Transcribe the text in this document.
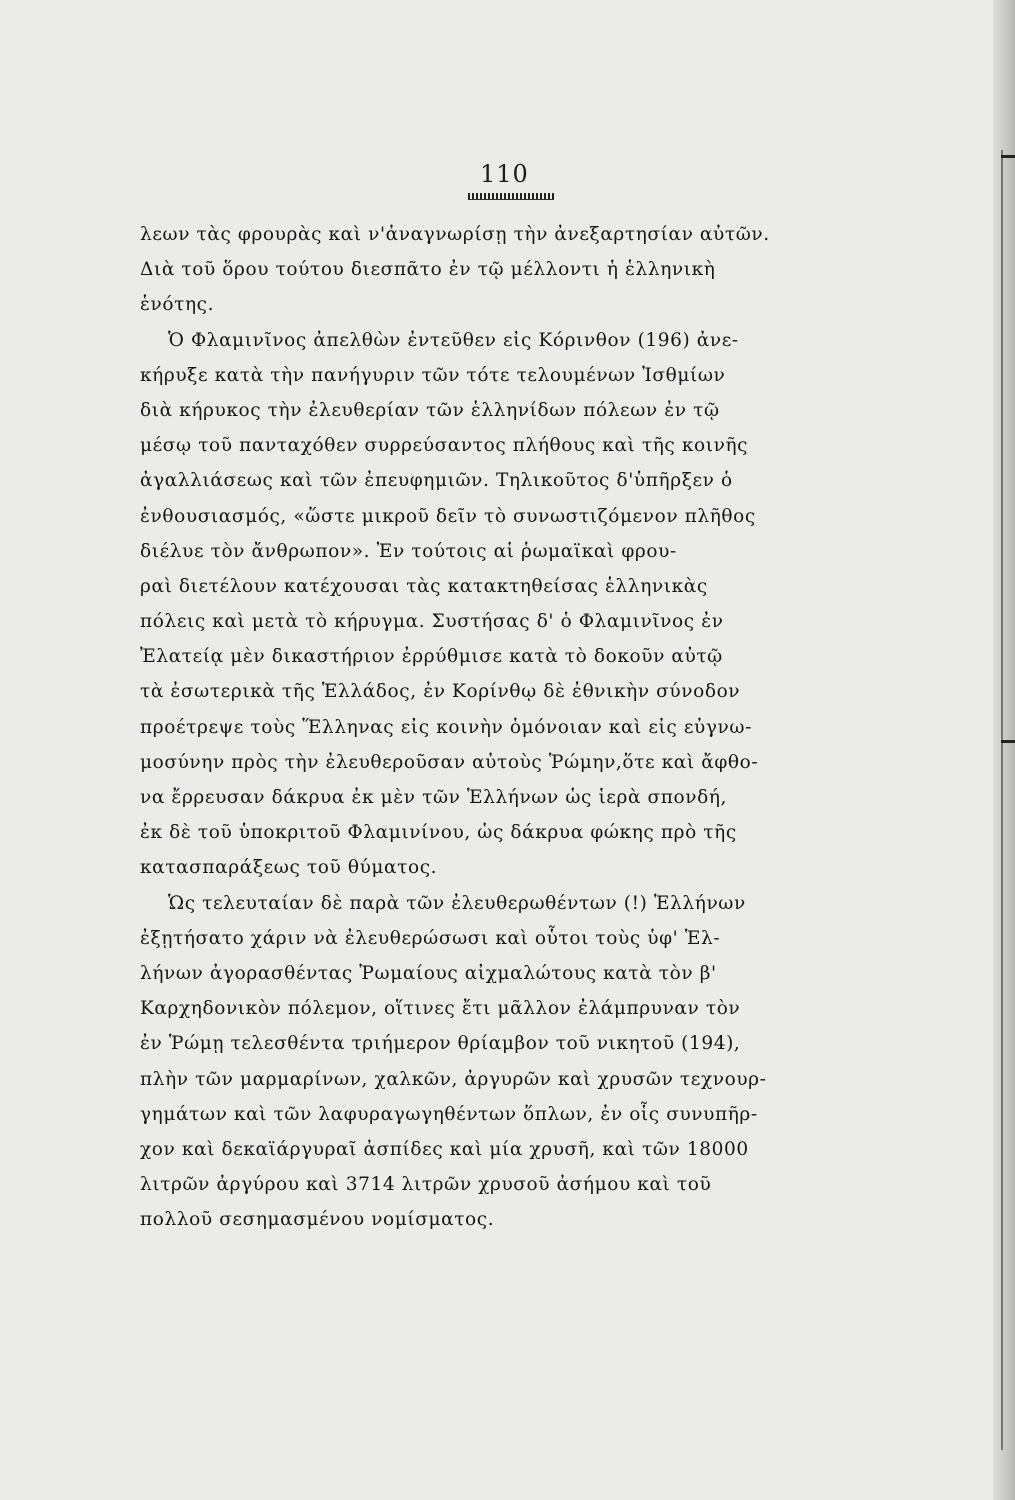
110
λεων τὰς φρουρὰς καὶ ν'ἀναγνωρίσῃ τὴν ἀνεξαρτησίαν αὐτῶν.
Διὰ τοῦ ὅρου τούτου διεσπᾶτο ἐν τῷ μέλλοντι ἡ ἑλληνικὴ
ἑνότης.
Ὁ Φλαμινῖνος ἀπελθὼν ἐντεῦθεν εἰς Κόρινθον (196) ἀνε-
κήρυξε κατὰ τὴν πανήγυριν τῶν τότε τελουμένων Ἰσθμίων
διὰ κήρυκος τὴν ἐλευθερίαν τῶν ἑλληνίδων πόλεων ἐν τῷ
μέσῳ τοῦ πανταχόθεν συρρεύσαντος πλήθους καὶ τῆς κοινῆς
ἀγαλλιάσεως καὶ τῶν ἐπευφημιῶν. Τηλικοῦτος δ'ὑπῆρξεν ὁ
ἐνθουσιασμός, «ὥστε μικροῦ δεῖν τὸ συνωστιζόμενον πλῆθος
διέλυε τὸν ἄνθρωπον». Ἐν τούτοις αἱ ῥωμαϊκαὶ φρου-
ραὶ διετέλουν κατέχουσαι τὰς κατακτηθείσας ἑλληνικὰς
πόλεις καὶ μετὰ τὸ κήρυγμα. Συστήσας δ' ὁ Φλαμινῖνος ἐν
Ἐλατείᾳ μὲν δικαστήριον ἐρρύθμισε κατὰ τὸ δοκοῦν αὐτῷ
τὰ ἐσωτερικὰ τῆς Ἑλλάδος, ἐν Κορίνθῳ δὲ ἐθνικὴν σύνοδον
προέτρεψε τοὺς Ἕλληνας εἰς κοινὴν ὁμόνοιαν καὶ εἰς εὐγνω-
μοσύνην πρὸς τὴν ἐλευθεροῦσαν αὐτοὺς Ῥώμην,ὅτε καὶ ἄφθο-
να ἔρρευσαν δάκρυα ἐκ μὲν τῶν Ἑλλήνων ὡς ἱερὰ σπονδή,
ἐκ δὲ τοῦ ὑποκριτοῦ Φλαμινίνου, ὡς δάκρυα φώκης πρὸ τῆς
κατασπαράξεως τοῦ θύματος.
Ὡς τελευταίαν δὲ παρὰ τῶν ἐλευθερωθέντων (!) Ἑλλήνων
ἐξῃτήσατο χάριν νὰ ἐλευθερώσωσι καὶ οὗτοι τοὺς ὑφ' Ἑλ-
λήνων ἀγορασθέντας Ῥωμαίους αἰχμαλώτους κατὰ τὸν β'
Καρχηδονικὸν πόλεμον, οἵτινες ἔτι μᾶλλον ἐλάμπρυναν τὸν
ἐν Ῥώμῃ τελεσθέντα τριήμερον θρίαμβον τοῦ νικητοῦ (194),
πλὴν τῶν μαρμαρίνων, χαλκῶν, ἀργυρῶν καὶ χρυσῶν τεχνουρ-
γημάτων καὶ τῶν λαφυραγωγηθέντων ὅπλων, ἐν οἷς συνυπῆρ-
χον καὶ δεκαϊάργυραῖ ἀσπίδες καὶ μία χρυσῆ, καὶ τῶν 18000
λιτρῶν ἀργύρου καὶ 3714 λιτρῶν χρυσοῦ ἀσήμου καὶ τοῦ
πολλοῦ σεσημασμένου νομίσματος.
